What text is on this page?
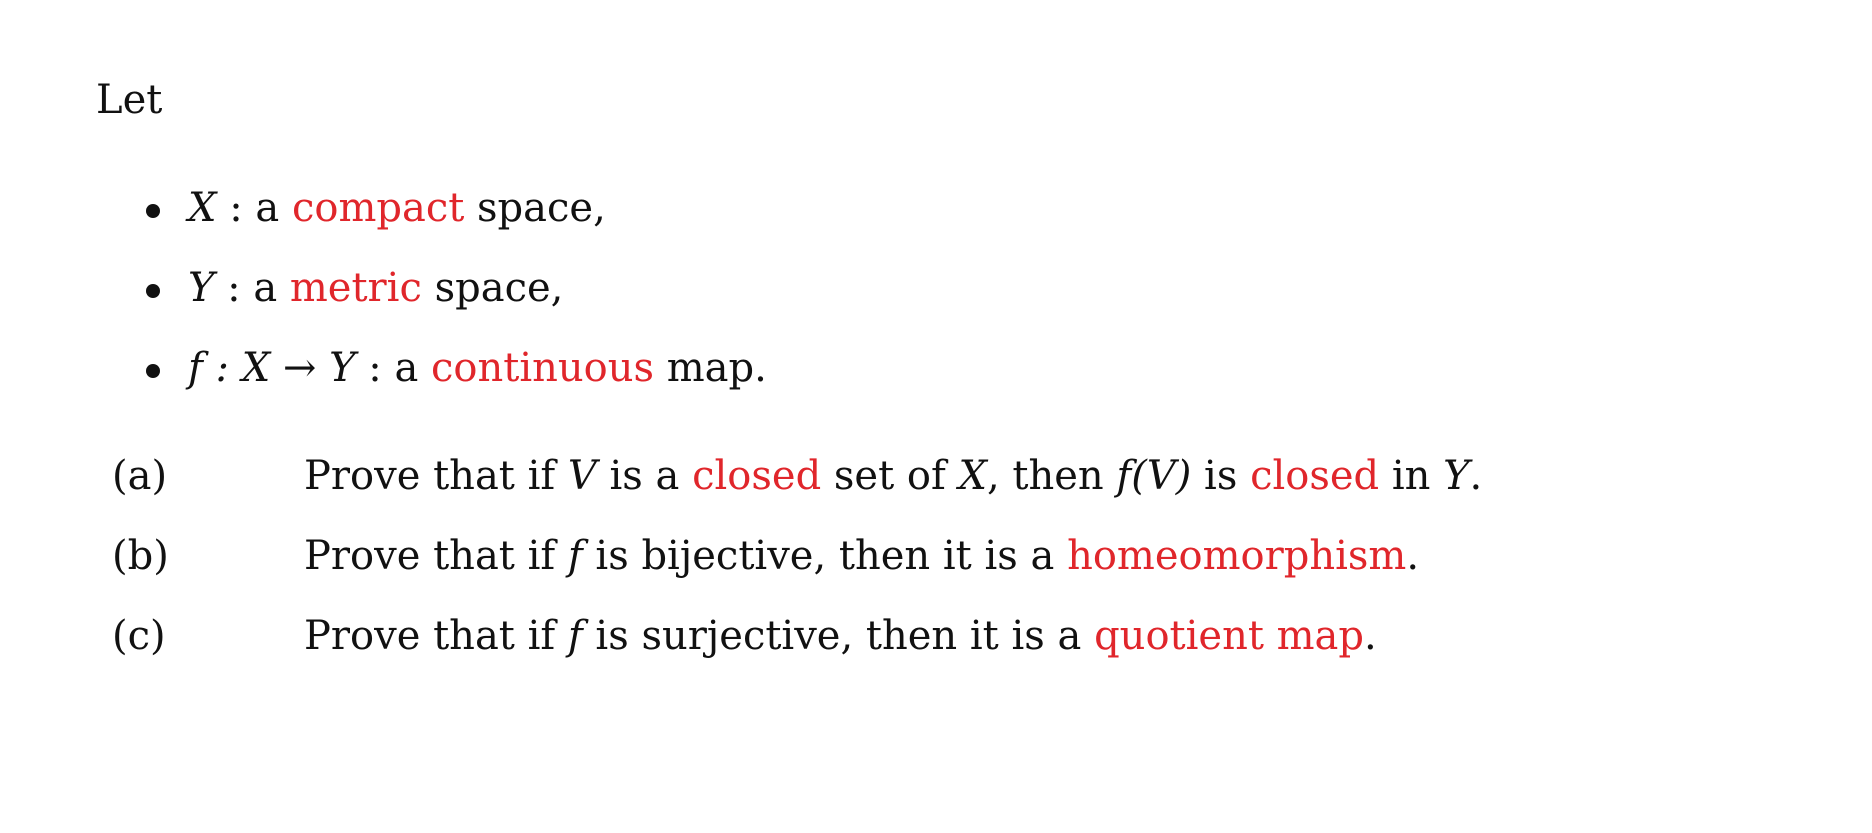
Let
X : a compact space,
Y : a metric space,
f : X → Y : a continuous map.
(a)	Prove that if V is a closed set of X, then f(V) is closed in Y.
(b)	Prove that if f is bijective, then it is a homeomorphism.
(c)	Prove that if f is surjective, then it is a quotient map.
